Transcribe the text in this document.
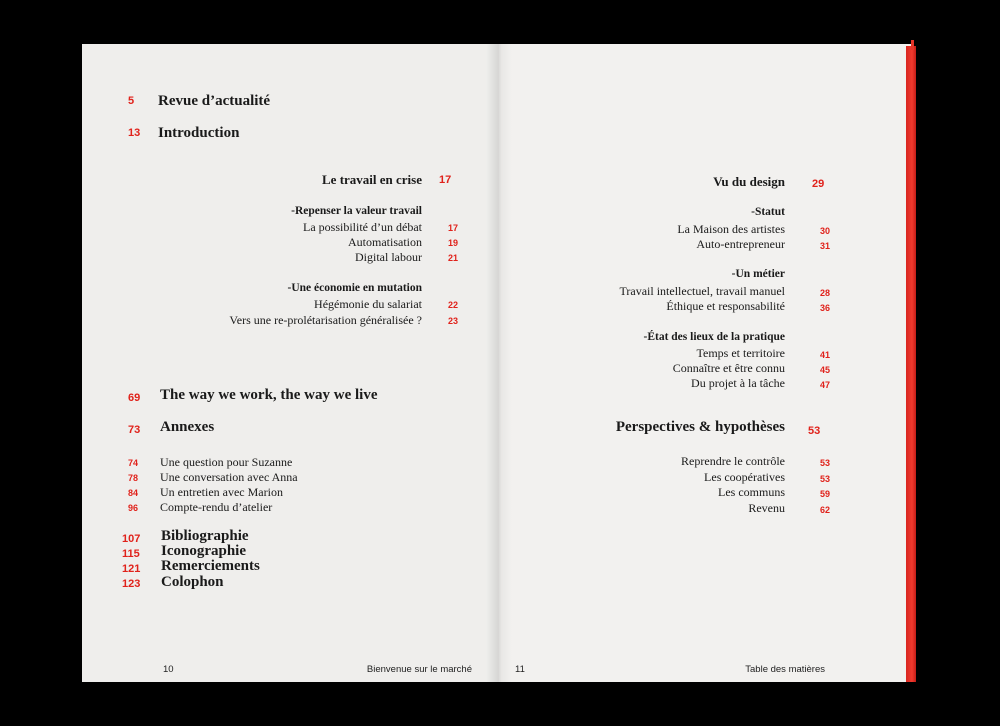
5	Revue d’actualité
13 Introduction
Le travail en crise 17
-Repenser la valeur travail
La possibilité d’un débat	17
Automatisation	19
Digital labour	21
-Une économie en mutation
Hégémonie du salariat	22
Vers une re-prolétarisation généralisée ?	23
69 The way we work, the way we live
73 Annexes
74 Une question pour Suzanne
78 Une conversation avec Anna
84 Un entretien avec Marion
96 Compte-rendu d’atelier
107 Bibliographie
115 Iconographie
121 Remerciements
123 Colophon
10	Bienvenue sur le marché
Vu du design 29
-Statut
La Maison des artistes	30
Auto-entrepreneur	31
-Un métier
Travail intellectuel, travail manuel	28
Éthique et responsabilité	36
-État des lieux de la pratique
Temps et territoire	41
Connaître et être connu	45
Du projet à la tâche	47
Perspectives & hypothèses 53
Reprendre le contrôle	53
Les coopératives	53
Les communs	59
Revenu	62
11	Table des matières
